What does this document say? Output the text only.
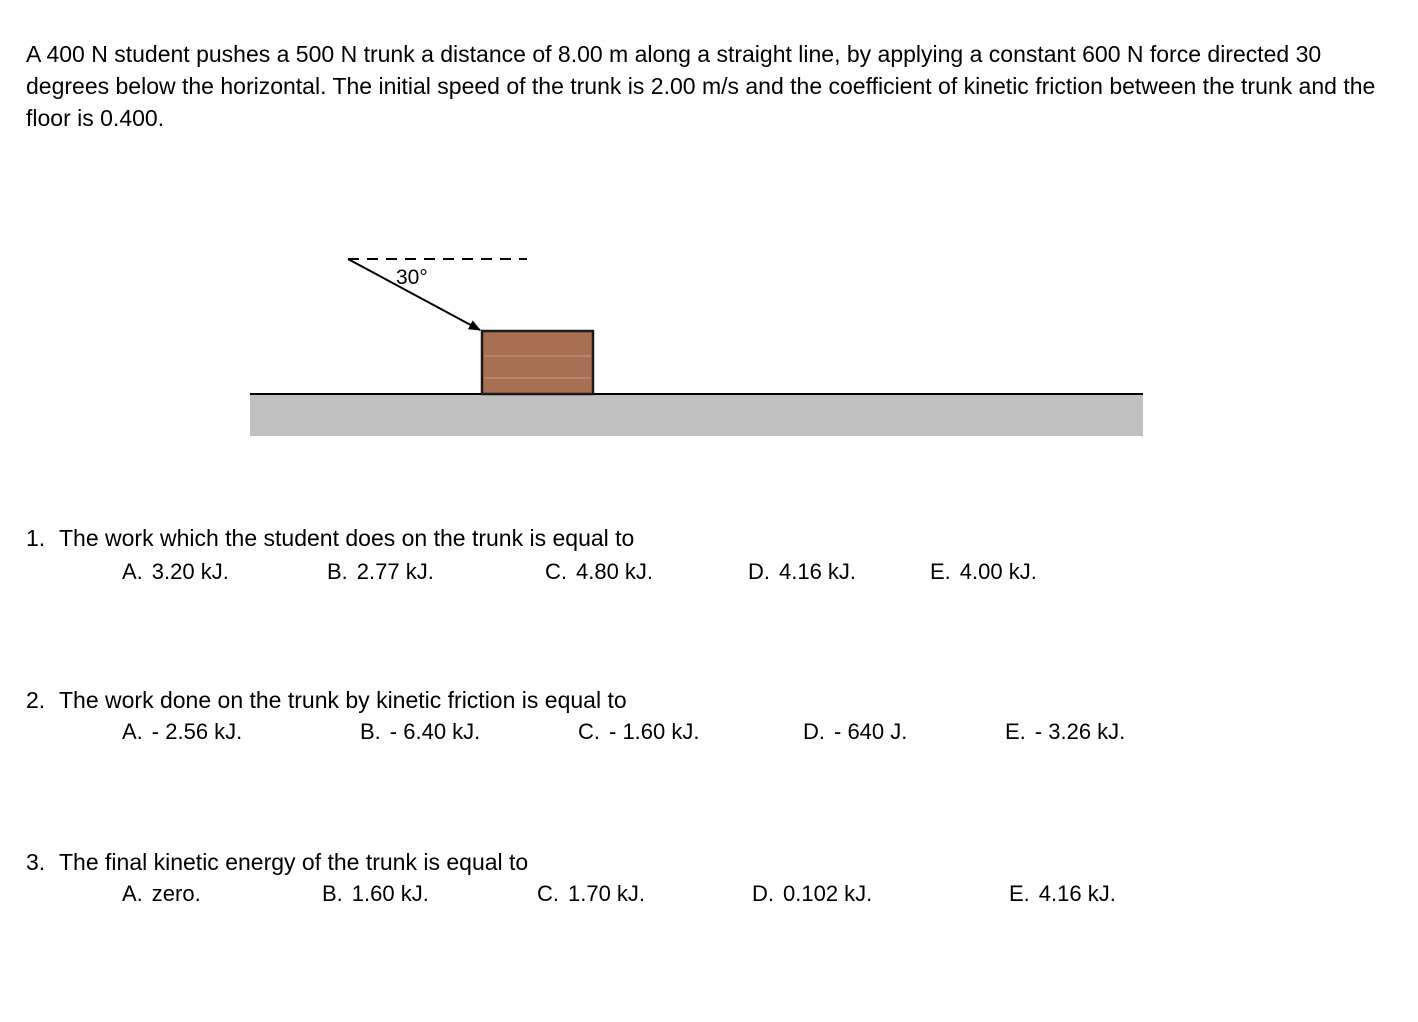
A 400 N student pushes a 500 N trunk a distance of 8.00 m along a straight line, by applying a constant 600 N force directed 30 degrees below the horizontal. The initial speed of the trunk is 2.00 m/s and the coefficient of kinetic friction between the trunk and the floor is 0.400.
30°
1. The work which the student does on the trunk is equal to
A. 3.20 kJ.	B. 2.77 kJ.	C. 4.80 kJ.	D. 4.16 kJ.	E. 4.00 kJ.
2. The work done on the trunk by kinetic friction is equal to
A. - 2.56 kJ.	B. - 6.40 kJ.	C. - 1.60 kJ.	D. - 640 J.	E. - 3.26 kJ.
3. The final kinetic energy of the trunk is equal to
A. zero.	B. 1.60 kJ.	C. 1.70 kJ.	D. 0.102 kJ.	E. 4.16 kJ.
